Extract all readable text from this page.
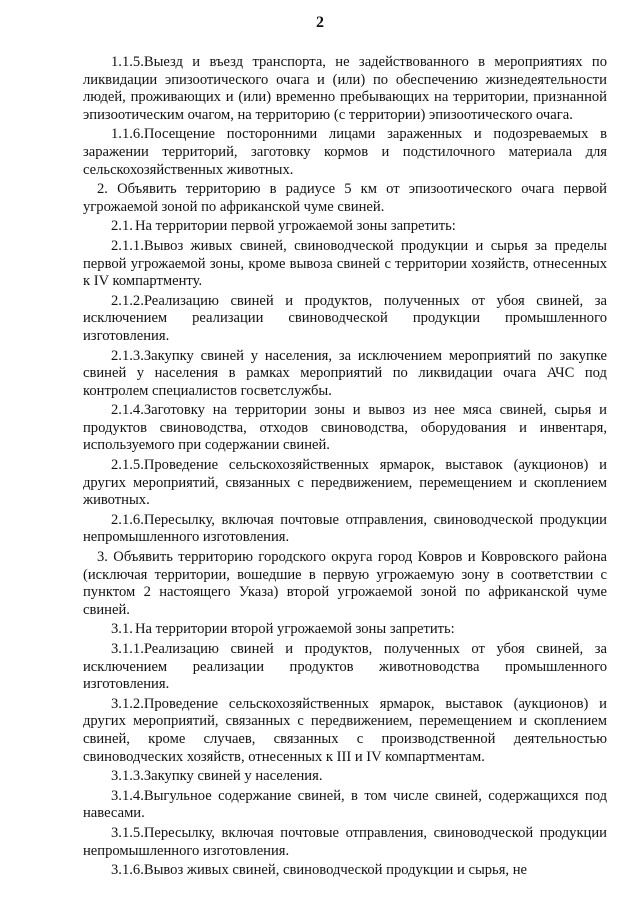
2

1.1.5.Выезд и въезд транспорта, не задействованного в мероприятиях по ликвидации эпизоотического очага и (или) по обеспечению жизнедеятельности людей, проживающих и (или) временно пребывающих на территории, признанной эпизоотическим очагом, на территорию (с территории) эпизоотического очага.

1.1.6.Посещение посторонними лицами зараженных и подозреваемых в заражении территорий, заготовку кормов и подстилочного материала для сельскохозяйственных животных.

2. Объявить территорию в радиусе 5 км от эпизоотического очага первой угрожаемой зоной по африканской чуме свиней.

2.1. На территории первой угрожаемой зоны запретить:

2.1.1.Вывоз живых свиней, свиноводческой продукции и сырья за пределы первой угрожаемой зоны, кроме вывоза свиней с территории хозяйств, отнесенных к IV компартменту.

2.1.2.Реализацию свиней и продуктов, полученных от убоя свиней, за исключением реализации свиноводческой продукции промышленного изготовления.

2.1.3.Закупку свиней у населения, за исключением мероприятий по закупке свиней у населения в рамках мероприятий по ликвидации очага АЧС под контролем специалистов госветслужбы.

2.1.4.Заготовку на территории зоны и вывоз из нее мяса свиней, сырья и продуктов свиноводства, отходов свиноводства, оборудования и инвентаря, используемого при содержании свиней.

2.1.5.Проведение сельскохозяйственных ярмарок, выставок (аукционов) и других мероприятий, связанных с передвижением, перемещением и скоплением животных.

2.1.6.Пересылку, включая почтовые отправления, свиноводческой продукции непромышленного изготовления.

3. Объявить территорию городского округа город Ковров и Ковровского района (исключая территории, вошедшие в первую угрожаемую зону в соответствии с пунктом 2 настоящего Указа) второй угрожаемой зоной по африканской чуме свиней.

3.1. На территории второй угрожаемой зоны запретить:

3.1.1.Реализацию свиней и продуктов, полученных от убоя свиней, за исключением реализации продуктов животноводства промышленного изготовления.

3.1.2.Проведение сельскохозяйственных ярмарок, выставок (аукционов) и других мероприятий, связанных с передвижением, перемещением и скоплением свиней, кроме случаев, связанных с производственной деятельностью свиноводческих хозяйств, отнесенных к III и IV компартментам.

3.1.3.Закупку свиней у населения.

3.1.4.Выгульное содержание свиней, в том числе свиней, содержащихся под навесами.

3.1.5.Пересылку, включая почтовые отправления, свиноводческой продукции непромышленного изготовления.

3.1.6.Вывоз живых свиней, свиноводческой продукции и сырья, не
